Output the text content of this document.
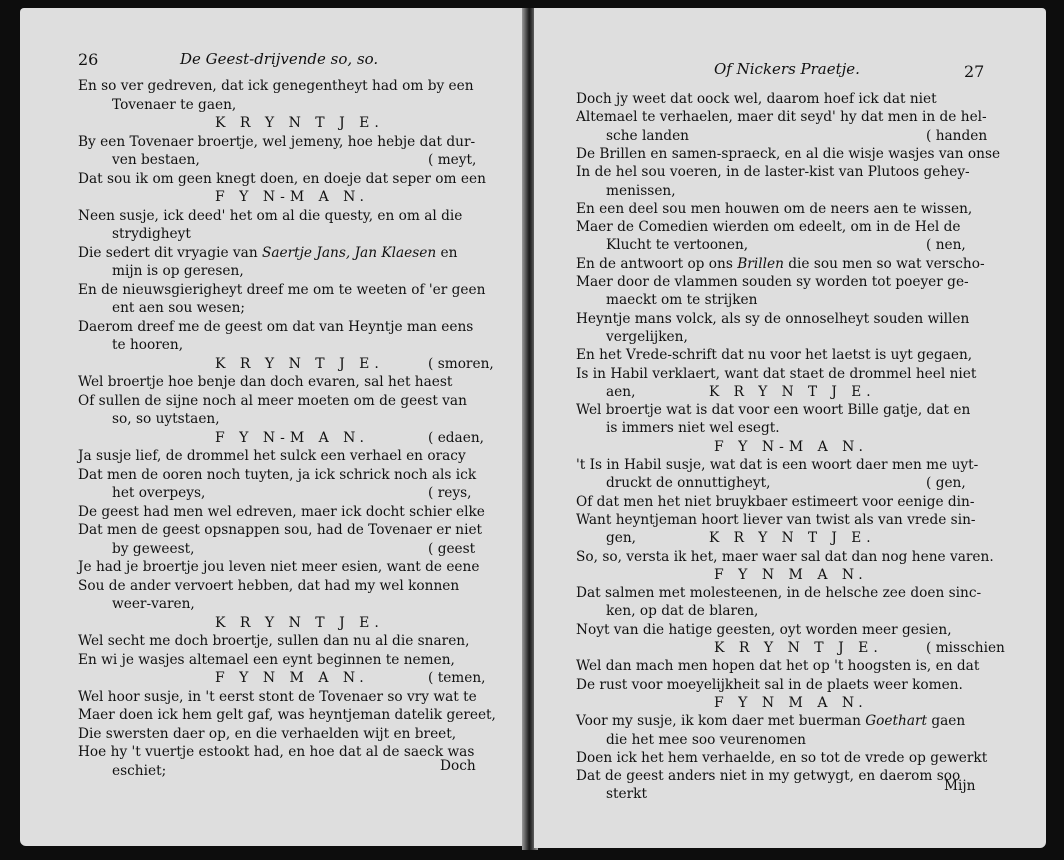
26	De Geest-drijvende so, so.
En so ver gedreven, dat ick genegentheyt had om by een
Tovenaer te gaen,
K R Y N T J E.
By een Tovenaer broertje, wel jemeny, hoe hebje dat dur-
ven bestaen,	( meyt,
Dat sou ik om geen knegt doen, en doeje dat seper om een
F Y N-M A N.
Neen susje, ick deed' het om al die questy, en om al die
strydigheyt
Die sedert dit vryagie van Saertje Jans, Jan Klaesen en
mijn is op geresen,
En de nieuwsgierigheyt dreef me om te weeten of 'er geen
ent aen sou wesen;
Daerom dreef me de geest om dat van Heyntje man eens
te hooren,
K R Y N T J E.	( smoren,
Wel broertje hoe benje dan doch evaren, sal het haest
Of sullen de sijne noch al meer moeten om de geest van
so, so uytstaen,
F Y N-M A N.	( edaen,
Ja susje lief, de drommel het sulck een verhael en oracy
Dat men de ooren noch tuyten, ja ick schrick noch als ick
het overpeys,	( reys,
De geest had men wel edreven, maer ick docht schier elke
Dat men de geest opsnappen sou, had de Tovenaer er niet
by geweest,	( geest
Je had je broertje jou leven niet meer esien, want de eene
Sou de ander vervoert hebben, dat had my wel konnen
weer-varen,
K R Y N T J E.
Wel secht me doch broertje, sullen dan nu al die snaren,
En wi je wasjes altemael een eynt beginnen te nemen,
F Y N M A N.	( temen,
Wel hoor susje, in 't eerst stont de Tovenaer so vry wat te
Maer doen ick hem gelt gaf, was heyntjeman datelik gereet,
Die swersten daer op, en die verhaelden wijt en breet,
Hoe hy 't vuertje estookt had, en hoe dat al de saeck was
eschiet;	Doch
Of Nickers Praetje.	27
Doch jy weet dat oock wel, daarom hoef ick dat niet
Altemael te verhaelen, maer dit seyd' hy dat men in de hel-
sche landen	( handen
De Brillen en samen-spraeck, en al die wisje wasjes van onse
In de hel sou voeren, in de laster-kist van Plutoos gehey-
menissen,
En een deel sou men houwen om de neers aen te wissen,
Maer de Comedien wierden om edeelt, om in de Hel de
Klucht te vertoonen,	( nen,
En de antwoort op ons Brillen die sou men so wat verscho-
Maer door de vlammen souden sy worden tot poeyer ge-
maeckt om te strijken
Heyntje mans volck, als sy de onnoselheyt souden willen
vergelijken,
En het Vrede-schrift dat nu voor het laetst is uyt gegaen,
Is in Habil verklaert, want dat staet de drommel heel niet
aen,	K R Y N T J E.
Wel broertje wat is dat voor een woort Bille gatje, dat en
is immers niet wel esegt.
F Y N-M A N.
't Is in Habil susje, wat dat is een woort daer men me uyt-
druckt de onnuttigheyt,	( gen,
Of dat men het niet bruykbaer estimeert voor eenige din-
Want heyntjeman hoort liever van twist als van vrede sin-
gen,	K R Y N T J E.
So, so, versta ik het, maer waer sal dat dan nog hene varen.
F Y N M A N.
Dat salmen met molesteenen, in de helsche zee doen sinc-
ken, op dat de blaren,
Noyt van die hatige geesten, oyt worden meer gesien,
K R Y N T J E.	( misschien
Wel dan mach men hopen dat het op 't hoogsten is, en dat
De rust voor moeyelijkheit sal in de plaets weer komen.
F Y N M A N.
Voor my susje, ik kom daer met buerman Goethart gaen
die het mee soo veurenomen
Doen ick het hem verhaelde, en so tot de vrede op gewerkt
Dat de geest anders niet in my getwygt, en daerom soo
sterkt
Mijn
